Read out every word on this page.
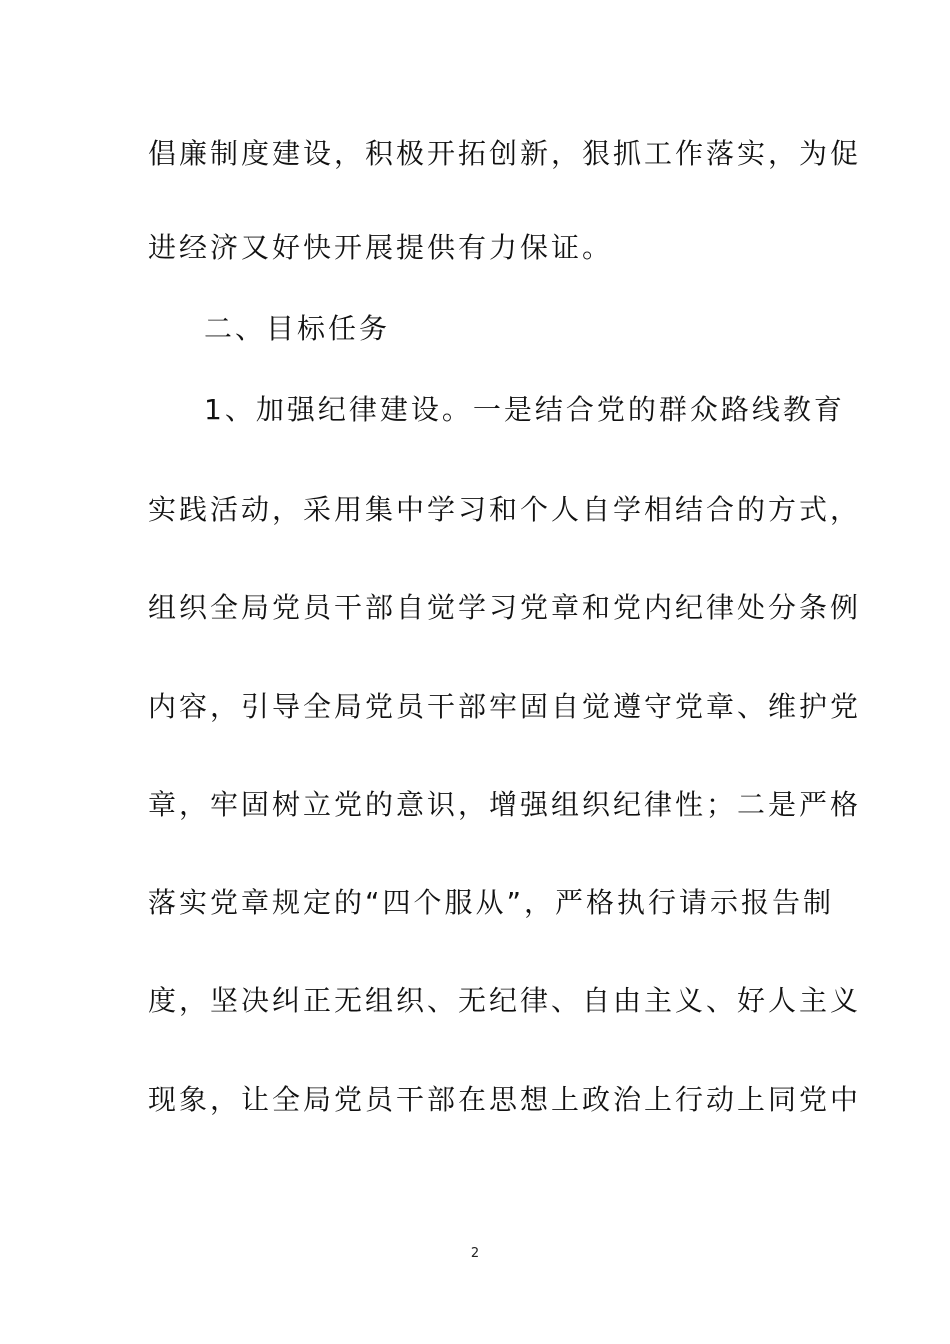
倡廉制度建设，积极开拓创新，狠抓工作落实，为促
进经济又好快开展提供有力保证。
二、目标任务
1、加强纪律建设。一是结合党的群众路线教育
实践活动，采用集中学习和个人自学相结合的方式，
组织全局党员干部自觉学习党章和党内纪律处分条例
内容，引导全局党员干部牢固自觉遵守党章、维护党
章，牢固树立党的意识，增强组织纪律性；二是严格
落实党章规定的“四个服从”，严格执行请示报告制
度，坚决纠正无组织、无纪律、自由主义、好人主义
现象，让全局党员干部在思想上政治上行动上同党中
2
